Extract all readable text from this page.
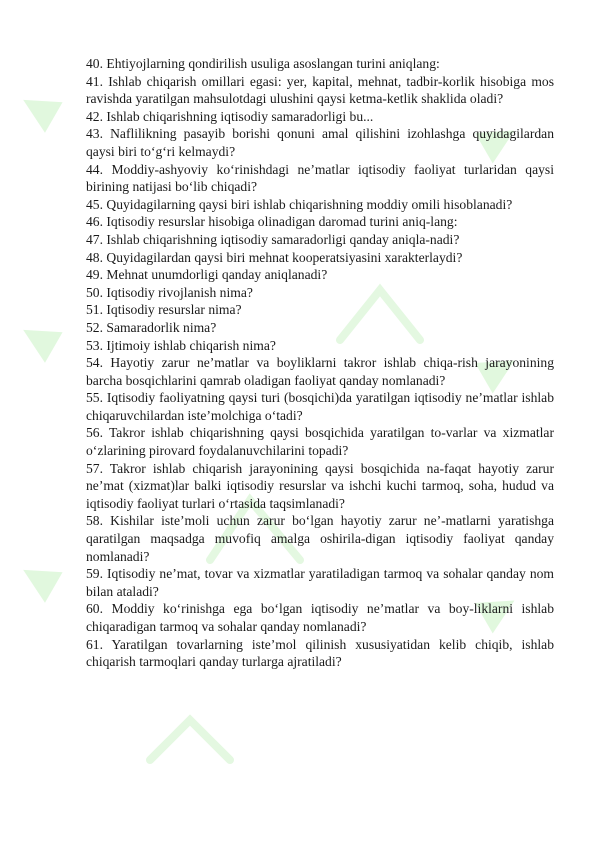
▲
▲
▲
▲
▲
▲

40. Ehtiyojlarning qondirilish usuliga asoslangan turini aniqlang:

41. Ishlab chiqarish omillari egasi: yer, kapital, mehnat, tadbir-korlik hisobiga mos ravishda yaratilgan mahsulotdagi ulushini qaysi ketma-ketlik shaklida oladi?

42. Ishlab chiqarishning iqtisodiy samaradorligi bu...

43. Naflilikning pasayib borishi qonuni amal qilishini izohlashga quyidagilardan qaysi biri to‘g‘ri kelmaydi?

44. Moddiy-ashyoviy ko‘rinishdagi ne’matlar iqtisodiy faoliyat turlaridan qaysi birining natijasi bo‘lib chiqadi?

45. Quyidagilarning qaysi biri ishlab chiqarishning moddiy omili hisoblanadi?

46. Iqtisodiy resurslar hisobiga olinadigan daromad turini aniq-lang:

47. Ishlab chiqarishning iqtisodiy samaradorligi qanday aniqla-nadi?

48. Quyidagilardan qaysi biri mehnat kooperatsiyasini xarakterlaydi?

49. Mehnat unumdorligi qanday aniqlanadi?

50. Iqtisodiy rivojlanish nima?

51. Iqtisodiy resurslar nima?

52. Samaradorlik nima?

53. Ijtimoiy ishlab chiqarish nima?

54. Hayotiy zarur ne’matlar va boyliklarni takror ishlab chiqa-rish jarayonining barcha bosqichlarini qamrab oladigan faoliyat qanday nomlanadi?

55. Iqtisodiy faoliyatning qaysi turi (bosqichi)da yaratilgan iqtisodiy ne’matlar ishlab chiqaruvchilardan iste’molchiga o‘tadi?

56. Takror ishlab chiqarishning qaysi bosqichida yaratilgan to-varlar va xizmatlar o‘zlarining pirovard foydalanuvchilarini topadi?

57. Takror ishlab chiqarish jarayonining qaysi bosqichida na-faqat hayotiy zarur ne’mat (xizmat)lar balki iqtisodiy resurslar va ishchi kuchi tarmoq, soha, hudud va iqtisodiy faoliyat turlari o‘rtasida taqsimlanadi?

58. Kishilar iste’moli uchun zarur bo‘lgan hayotiy zarur ne’-matlarni yaratishga qaratilgan maqsadga muvofiq amalga oshirila-digan iqtisodiy faoliyat qanday nomlanadi?

59. Iqtisodiy ne’mat, tovar va xizmatlar yaratiladigan tarmoq va sohalar qanday nom bilan ataladi?

60. Moddiy ko‘rinishga ega bo‘lgan iqtisodiy ne’matlar va boy-liklarni ishlab chiqaradigan tarmoq va sohalar qanday nomlanadi?

61. Yaratilgan tovarlarning iste’mol qilinish xususiyatidan kelib chiqib, ishlab chiqarish tarmoqlari qanday turlarga ajratiladi?
